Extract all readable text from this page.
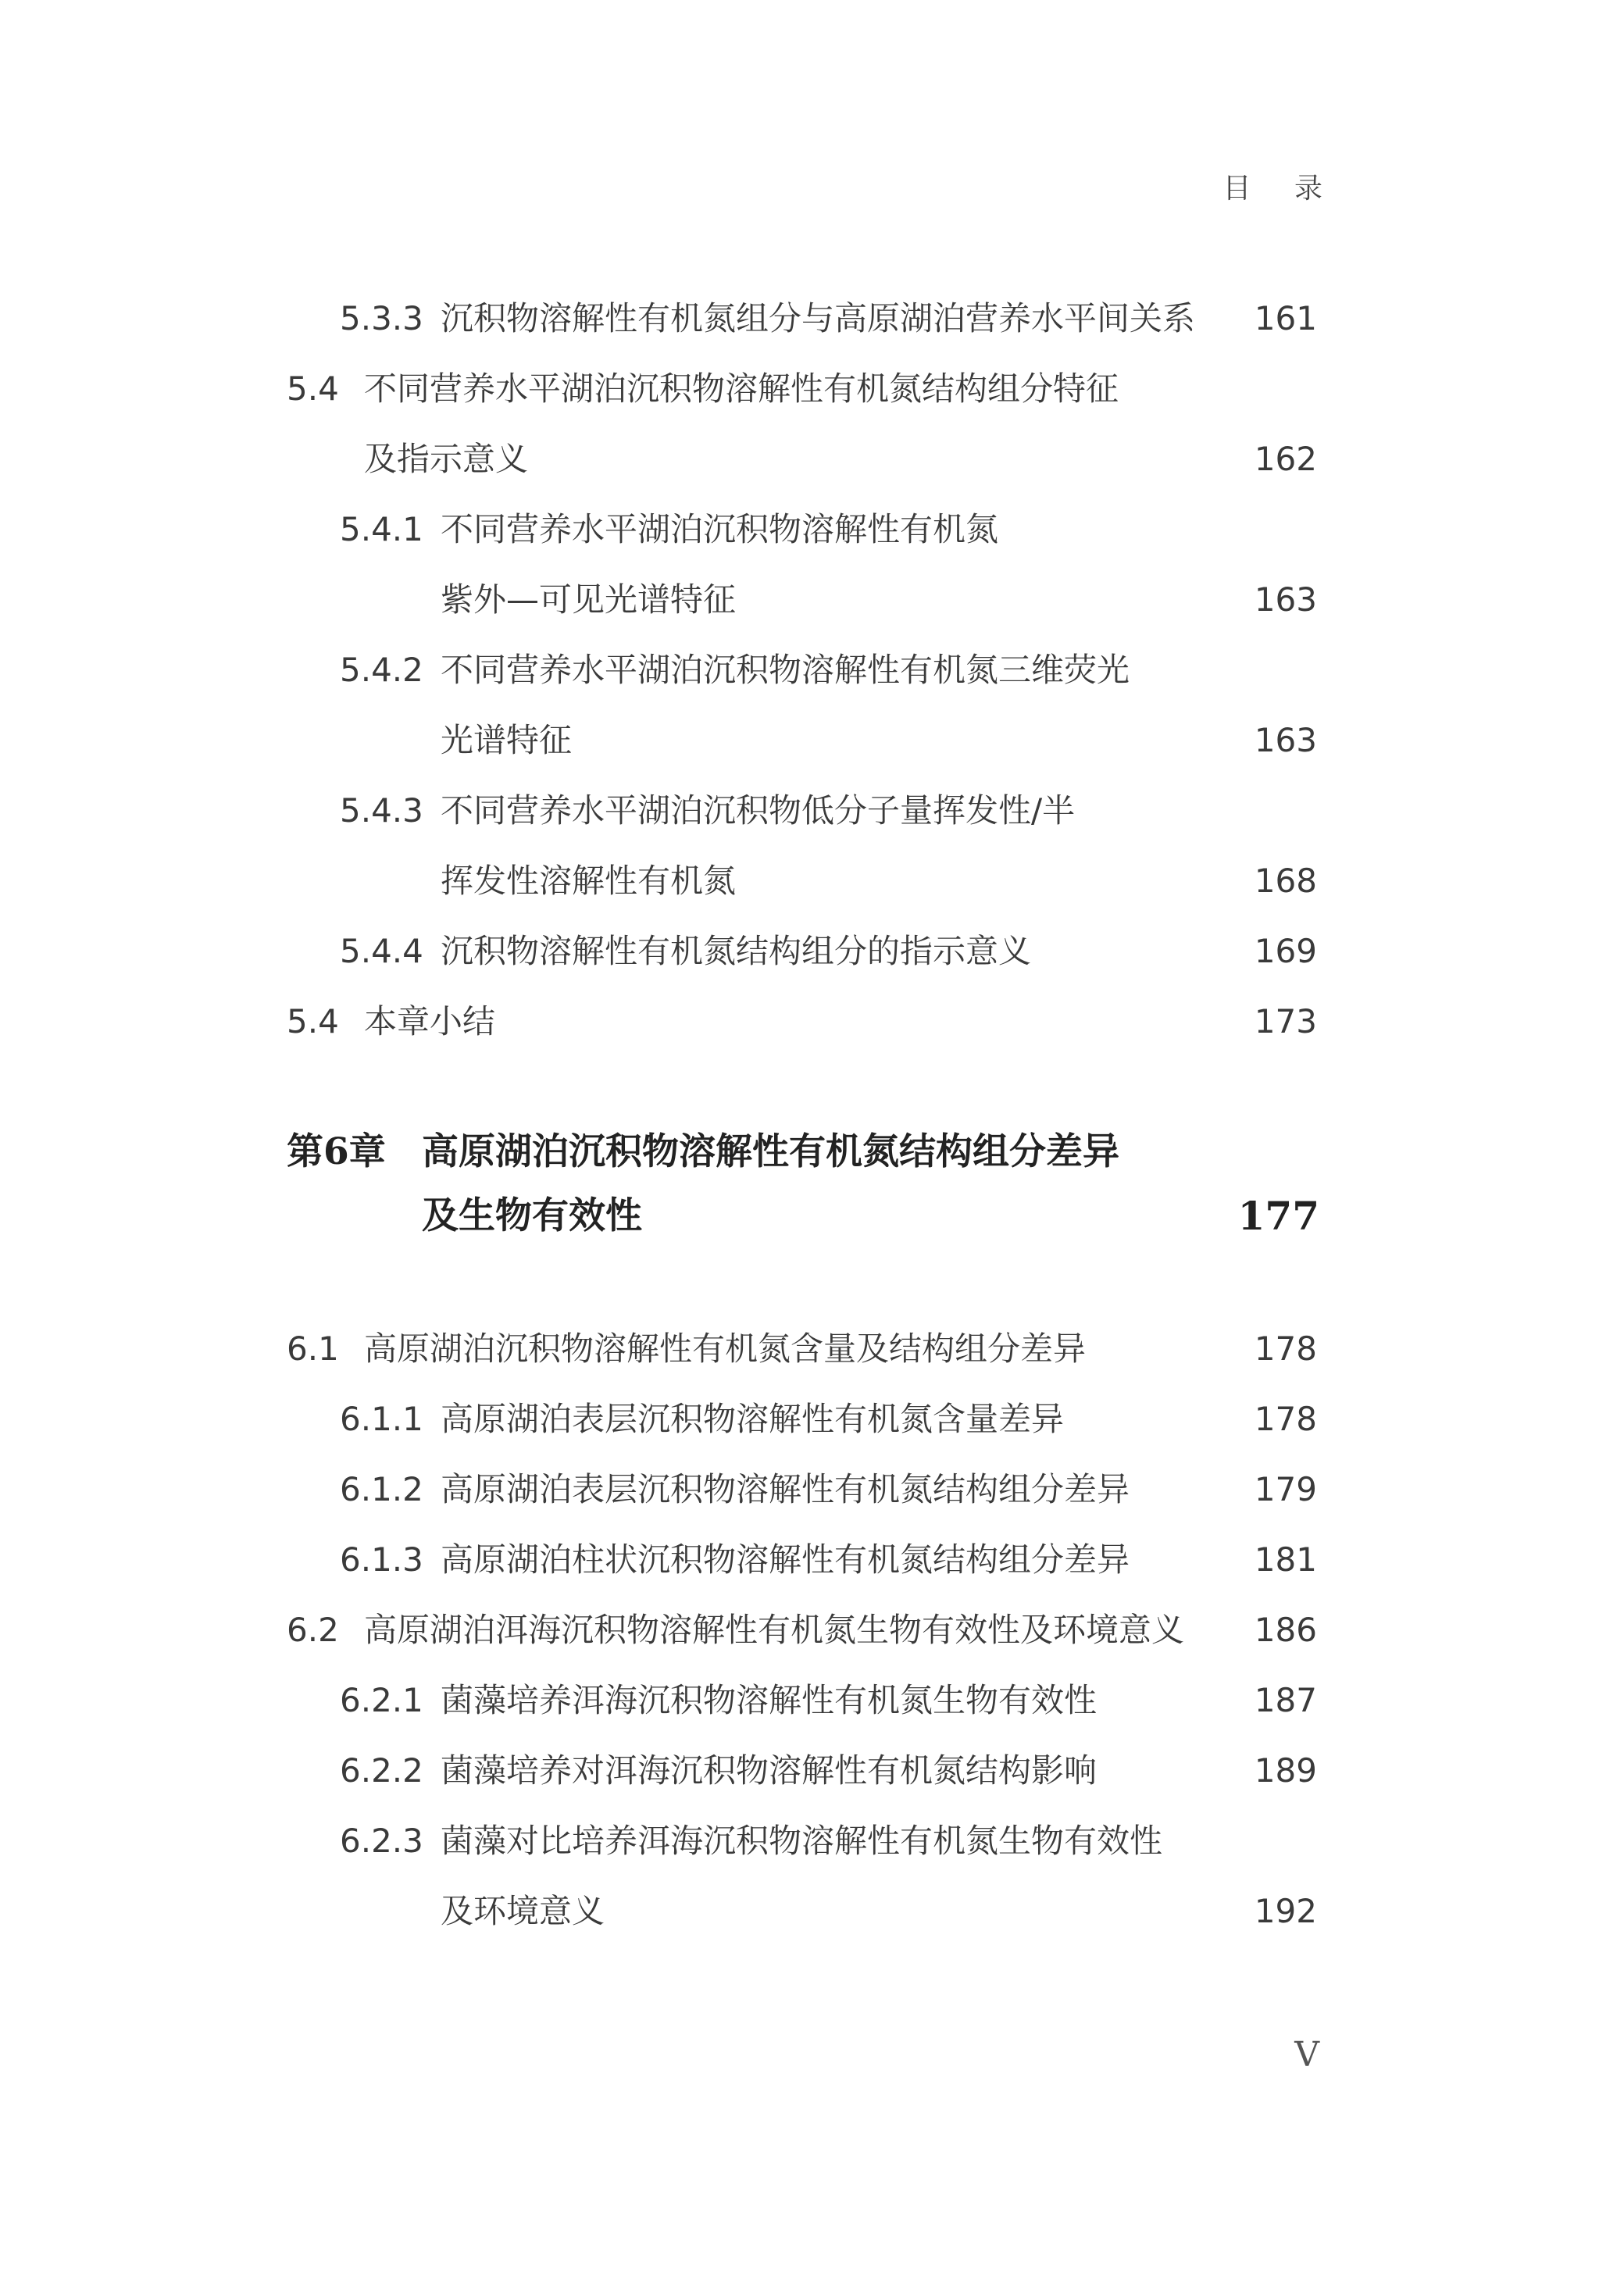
目 录
5.3.3 沉积物溶解性有机氮组分与高原湖泊营养水平间关系 161
5.4 不同营养水平湖泊沉积物溶解性有机氮结构组分特征
及指示意义	162
5.4.1 不同营养水平湖泊沉积物溶解性有机氮
紫外—可见光谱特征	163
5.4.2 不同营养水平湖泊沉积物溶解性有机氮三维荧光
光谱特征	163
5.4.3 不同营养水平湖泊沉积物低分子量挥发性/半
挥发性溶解性有机氮	168
5.4.4 沉积物溶解性有机氮结构组分的指示意义	169
5.4 本章小结	173
第6章 高原湖泊沉积物溶解性有机氮结构组分差异
及生物有效性	177
6.1 高原湖泊沉积物溶解性有机氮含量及结构组分差异	178
6.1.1 高原湖泊表层沉积物溶解性有机氮含量差异	178
6.1.2 高原湖泊表层沉积物溶解性有机氮结构组分差异	179
6.1.3 高原湖泊柱状沉积物溶解性有机氮结构组分差异	181
6.2 高原湖泊洱海沉积物溶解性有机氮生物有效性及环境意义 186
6.2.1 菌藻培养洱海沉积物溶解性有机氮生物有效性	187
6.2.2 菌藻培养对洱海沉积物溶解性有机氮结构影响	189
6.2.3 菌藻对比培养洱海沉积物溶解性有机氮生物有效性
及环境意义	192
V
